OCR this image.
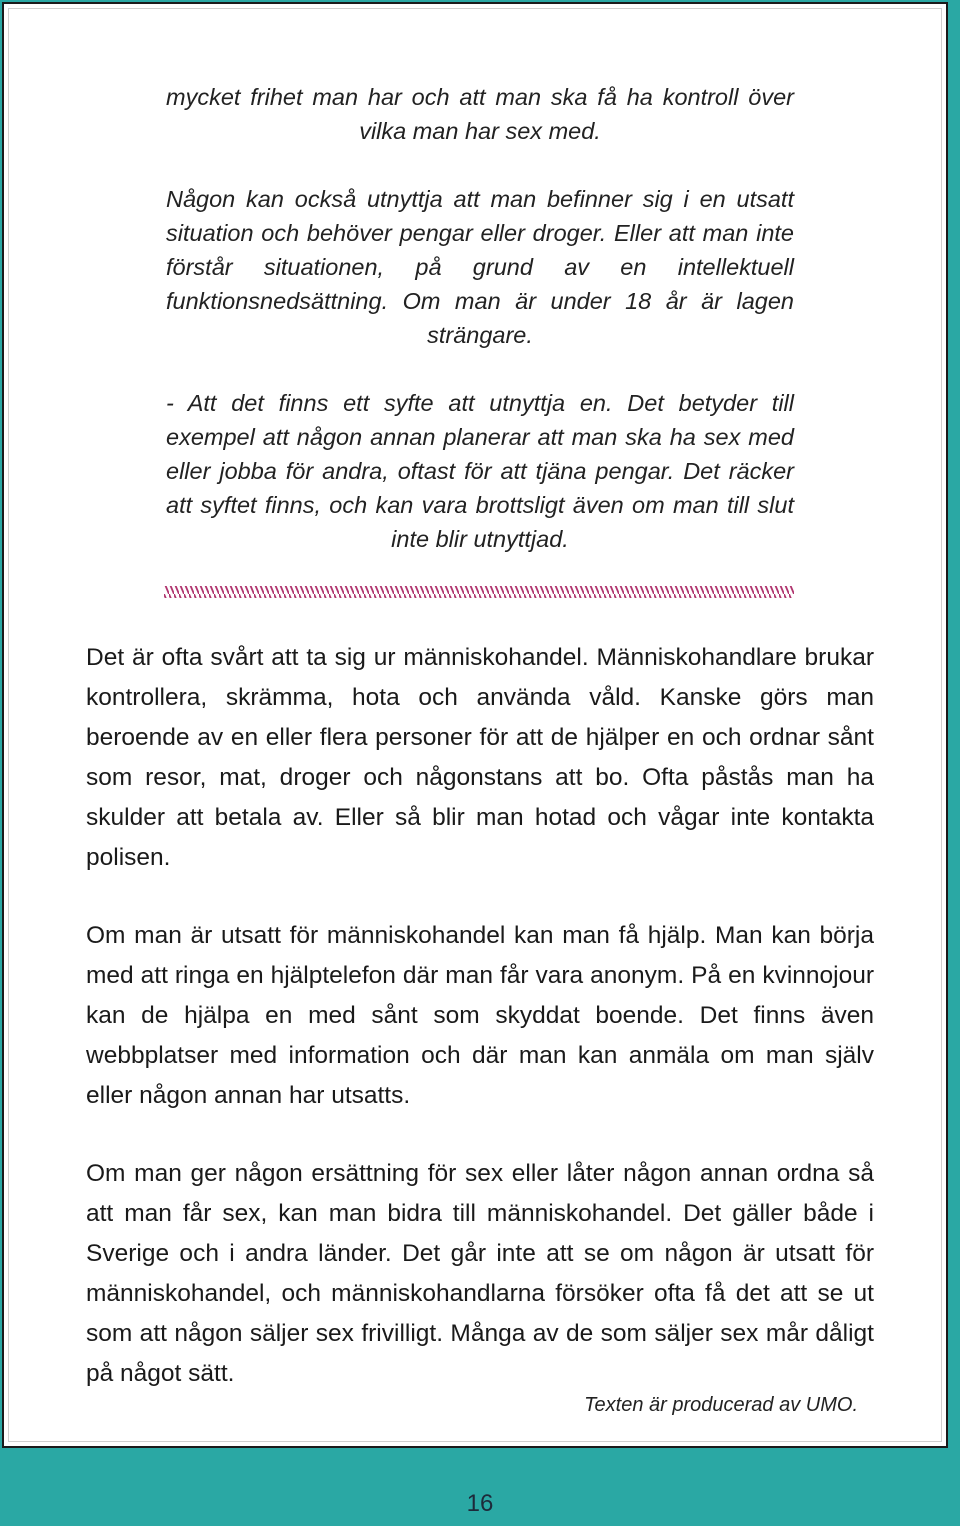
mycket frihet man har och att man ska få ha kontroll över vilka man har sex med.

Någon kan också utnyttja att man befinner sig i en utsatt situation och behöver pengar eller droger. Eller att man inte förstår situationen, på grund av en intellektuell funktionsnedsättning. Om man är under 18 år är lagen strängare.

- Att det finns ett syfte att utnyttja en. Det betyder till exempel att någon annan planerar att man ska ha sex med eller jobba för andra, oftast för att tjäna pengar. Det räcker att syftet finns, och kan vara brottsligt även om man till slut inte blir utnyttjad.

Det är ofta svårt att ta sig ur människohandel. Människohandlare brukar kontrollera, skrämma, hota och använda våld. Kanske görs man beroende av en eller flera personer för att de hjälper en och ordnar sånt som resor, mat, droger och någonstans att bo. Ofta påstås man ha skulder att betala av. Eller så blir man hotad och vågar inte kontakta polisen.

Om man är utsatt för människohandel kan man få hjälp. Man kan börja med att ringa en hjälptelefon där man får vara anonym. På en kvinnojour kan de hjälpa en med sånt som skyddat boende. Det finns även webbplatser med information och där man kan anmäla om man själv eller någon annan har utsatts.

Om man ger någon ersättning för sex eller låter någon annan ordna så att man får sex, kan man bidra till människohandel. Det gäller både i Sverige och i andra länder. Det går inte att se om någon är utsatt för människohandel, och människohandlarna försöker ofta få det att se ut som att någon säljer sex frivilligt. Många av de som säljer sex mår dåligt på något sätt.

Texten är producerad av UMO.

16
